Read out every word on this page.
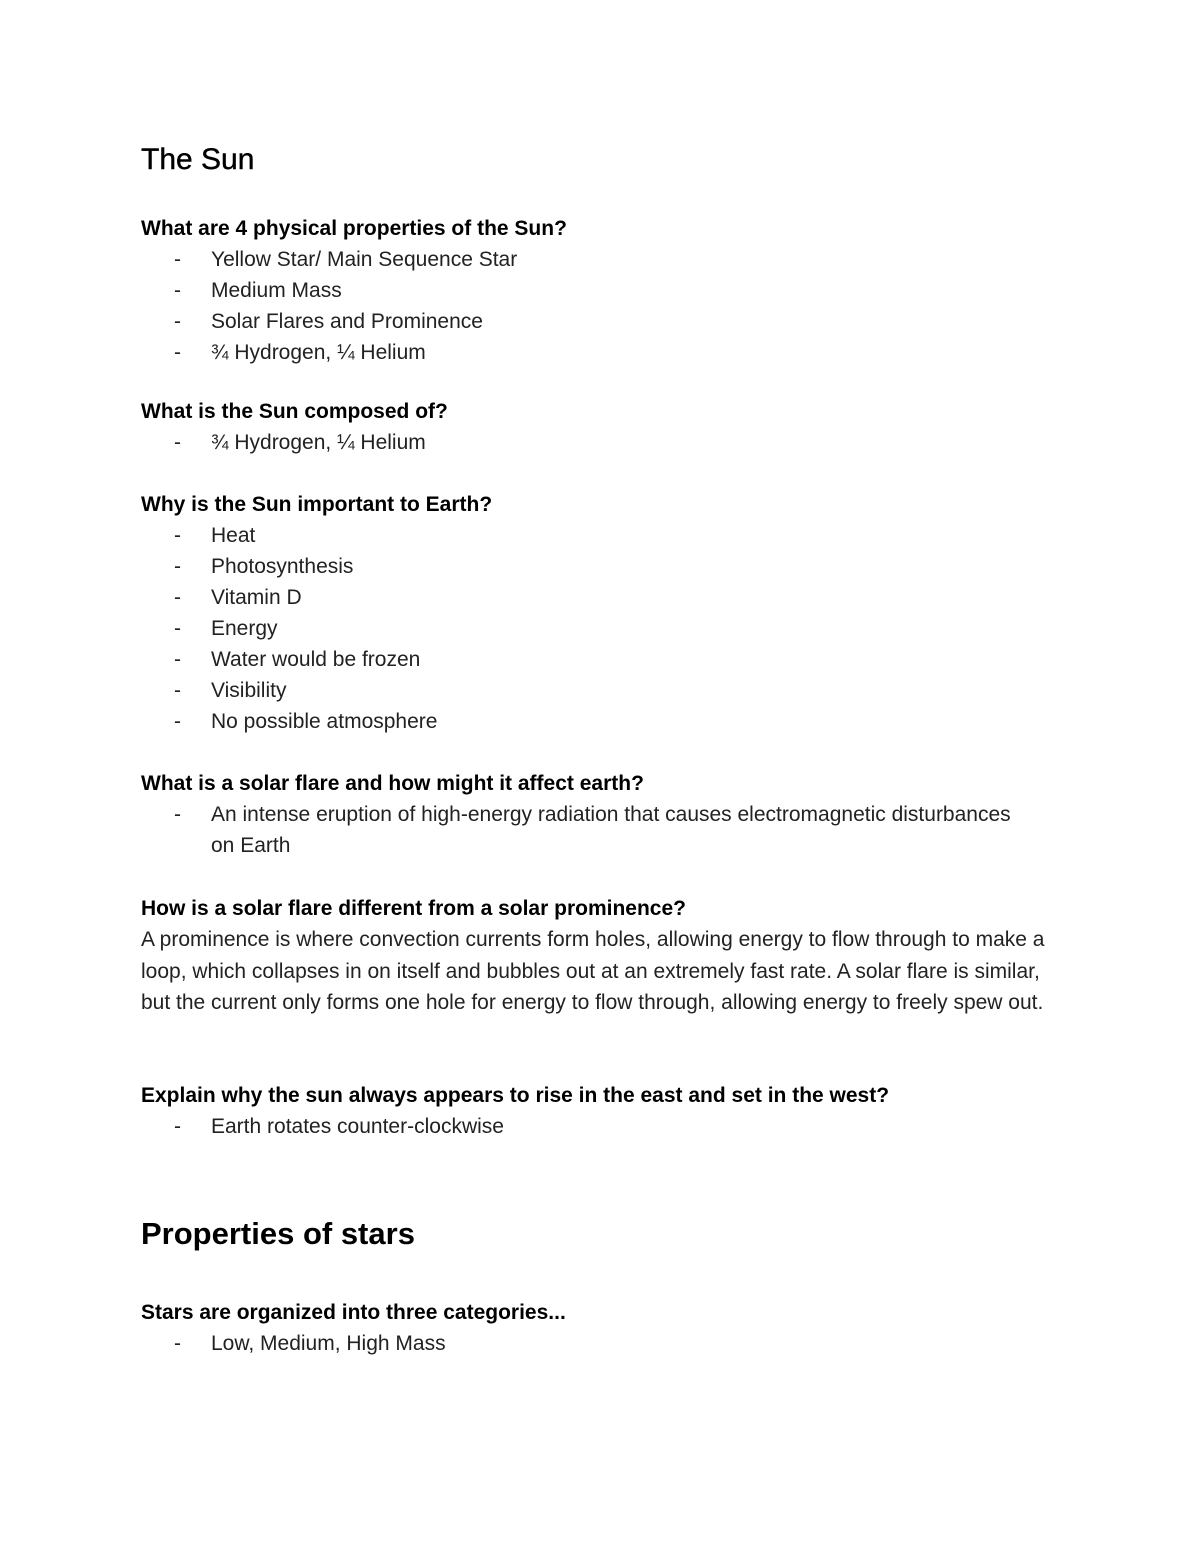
The Sun
What are 4 physical properties of the Sun?
- Yellow Star/ Main Sequence Star
- Medium Mass
- Solar Flares and Prominence
- ¾ Hydrogen, ¼ Helium
What is the Sun composed of?
- ¾ Hydrogen, ¼ Helium
Why is the Sun important to Earth?
- Heat
- Photosynthesis
- Vitamin D
- Energy
- Water would be frozen
- Visibility
- No possible atmosphere
What is a solar flare and how might it affect earth?
- An intense eruption of high-energy radiation that causes electromagnetic disturbances on Earth
How is a solar flare different from a solar prominence?
A prominence is where convection currents form holes, allowing energy to flow through to make a loop, which collapses in on itself and bubbles out at an extremely fast rate. A solar flare is similar, but the current only forms one hole for energy to flow through, allowing energy to freely spew out.
Explain why the sun always appears to rise in the east and set in the west?
- Earth rotates counter-clockwise
Properties of stars
Stars are organized into three categories...
- Low, Medium, High Mass
